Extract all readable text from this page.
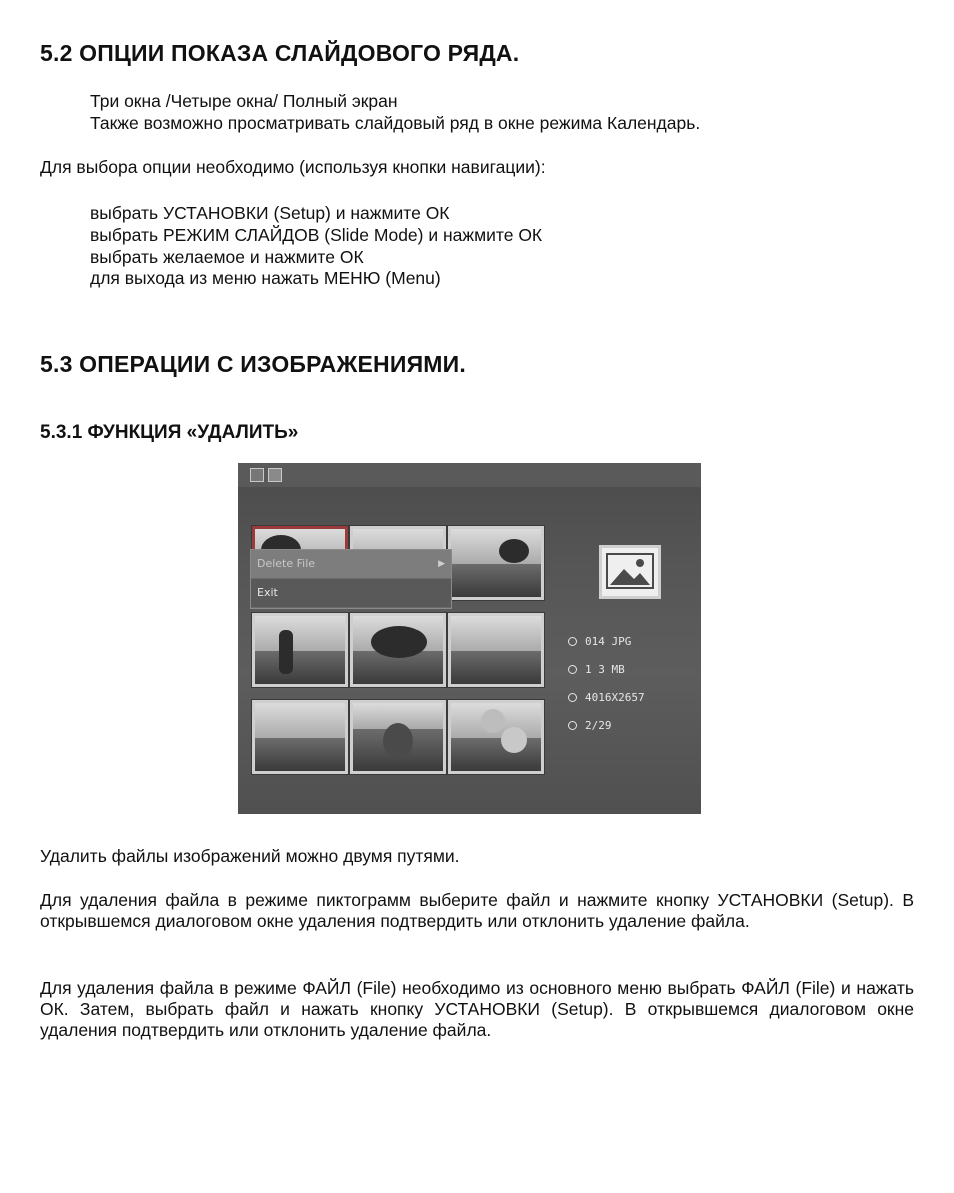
5.2 ОПЦИИ ПОКАЗА СЛАЙДОВОГО РЯДА.
Три окна /Четыре окна/ Полный экран
Также возможно просматривать слайдовый ряд в окне режима Календарь.
Для выбора опции необходимо (используя кнопки навигации):
выбрать УСТАНОВКИ (Setup) и нажмите ОК
выбрать РЕЖИМ СЛАЙДОВ (Slide Mode) и нажмите ОК
выбрать желаемое и нажмите ОК
для выхода из меню нажать МЕНЮ (Menu)
5.3 ОПЕРАЦИИ С ИЗОБРАЖЕНИЯМИ.
5.3.1 ФУНКЦИЯ «УДАЛИТЬ»
Delete File	▶
Exit
014 JPG
1 3 MB
4016X2657
2/29
Удалить файлы изображений можно двумя путями.
Для удаления файла в режиме пиктограмм выберите файл и нажмите кнопку УСТАНОВКИ (Setup). В открывшемся диалоговом окне удаления подтвердить или отклонить удаление файла.
Для удаления файла в режиме ФАЙЛ (File) необходимо из основного меню выбрать ФАЙЛ (File) и нажать ОК. Затем, выбрать файл и нажать кнопку УСТАНОВКИ (Setup). В открывшемся диалоговом окне удаления подтвердить или отклонить удаление файла.
